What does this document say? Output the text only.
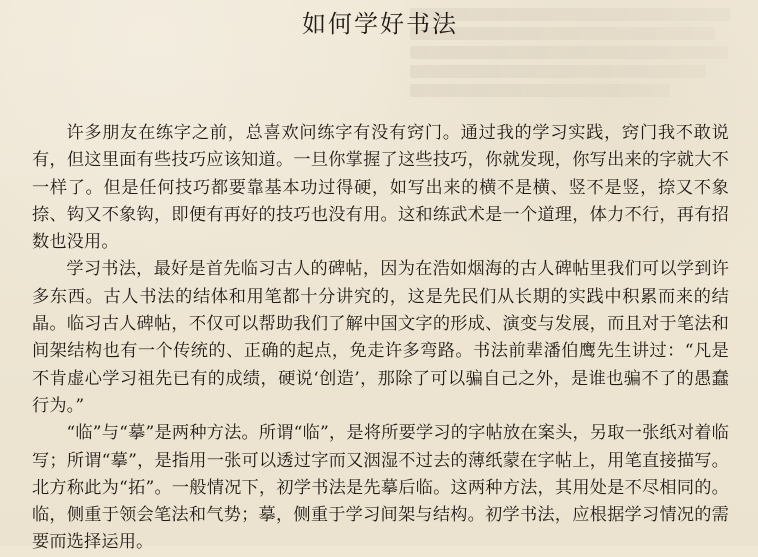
如何学好书法

许多朋友在练字之前，总喜欢问练字有没有窍门。通过我的学习实践，窍门我不敢说有，但这里面有些技巧应该知道。一旦你掌握了这些技巧，你就发现，你写出来的字就大不一样了。但是任何技巧都要靠基本功过得硬，如写出来的横不是横、竖不是竖，捺又不象捺、钩又不象钩，即便有再好的技巧也没有用。这和练武术是一个道理，体力不行，再有招数也没用。

学习书法，最好是首先临习古人的碑帖，因为在浩如烟海的古人碑帖里我们可以学到许多东西。古人书法的结体和用笔都十分讲究的，这是先民们从长期的实践中积累而来的结晶。临习古人碑帖，不仅可以帮助我们了解中国文字的形成、演变与发展，而且对于笔法和间架结构也有一个传统的、正确的起点，免走许多弯路。书法前辈潘伯鹰先生讲过：“凡是不肯虚心学习祖先已有的成绩，硬说‘创造’，那除了可以骗自己之外，是谁也骗不了的愚蠢行为。”

“临”与“摹”是两种方法。所谓“临”，是将所要学习的字帖放在案头，另取一张纸对着临写；所谓“摹”，是指用一张可以透过字而又洇湿不过去的薄纸蒙在字帖上，用笔直接描写。北方称此为“拓”。一般情况下，初学书法是先摹后临。这两种方法，其用处是不尽相同的。临，侧重于领会笔法和气势；摹，侧重于学习间架与结构。初学书法，应根据学习情况的需要而选择运用。
